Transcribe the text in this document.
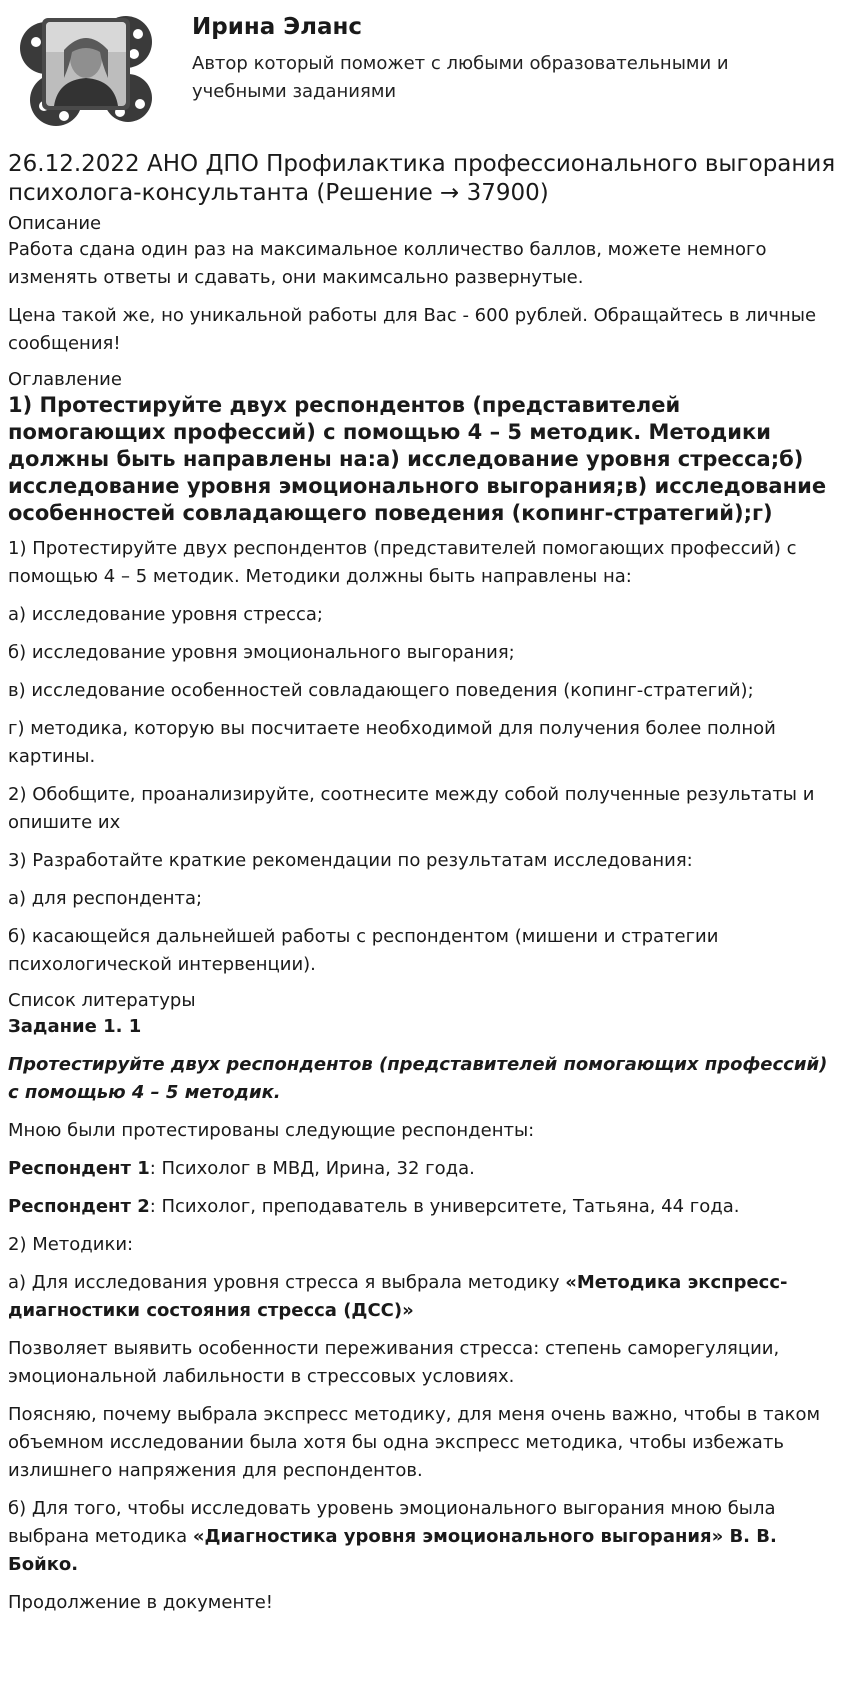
Ирина Эланс
Автор который поможет с любыми образовательными и учебными заданиями
26.12.2022 АНО ДПО Профилактика профессионального выгорания психолога-консультанта (Решение → 37900)
Описание

Работа сдана один раз на максимальное колличество баллов, можете немного изменять ответы и сдавать, они макимсально развернутые.

Цена такой же, но уникальной работы для Вас - 600 рублей. Обращайтесь в личные сообщения!

Оглавление
1) Протестируйте двух респондентов (представителей помогающих профессий) с помощью 4 – 5 методик. Методики должны быть направлены на:а) исследование уровня стресса;б) исследование уровня эмоционального выгорания;в) исследование особенностей совладающего поведения (копинг-стратегий);г)

1) Протестируйте двух респондентов (представителей помогающих профессий) с помощью 4 – 5 методик. Методики должны быть направлены на:

а) исследование уровня стресса;

б) исследование уровня эмоционального выгорания;

в) исследование особенностей совладающего поведения (копинг-стратегий);

г) методика, которую вы посчитаете необходимой для получения более полной картины.

2) Обобщите, проанализируйте, соотнесите между собой полученные результаты и опишите их

3) Разработайте краткие рекомендации по результатам исследования:

а) для респондента;

б) касающейся дальнейшей работы с респондентом (мишени и стратегии психологической интервенции).

Список литературы

Задание 1. 1

Протестируйте двух респондентов (представителей помогающих профессий) с помощью 4 – 5 методик.

Мною были протестированы следующие респонденты:

Респондент 1: Психолог в МВД, Ирина, 32 года.

Респондент 2: Психолог, преподаватель в университете, Татьяна, 44 года.

2) Методики:

а) Для исследования уровня стресса я выбрала методику «Методика экспресс-диагностики состояния стресса (ДСС)»

Позволяет выявить особенности переживания стресса: степень саморегуляции, эмоциональной лабильности в стрессовых условиях.

Поясняю, почему выбрала экспресс методику, для меня очень важно, чтобы в таком объемном исследовании была хотя бы одна экспресс методика, чтобы избежать излишнего напряжения для респондентов.

б) Для того, чтобы исследовать уровень эмоционального выгорания мною была выбрана методика «Диагностика уровня эмоционального выгорания» В. В. Бойко.

Продолжение в документе!
